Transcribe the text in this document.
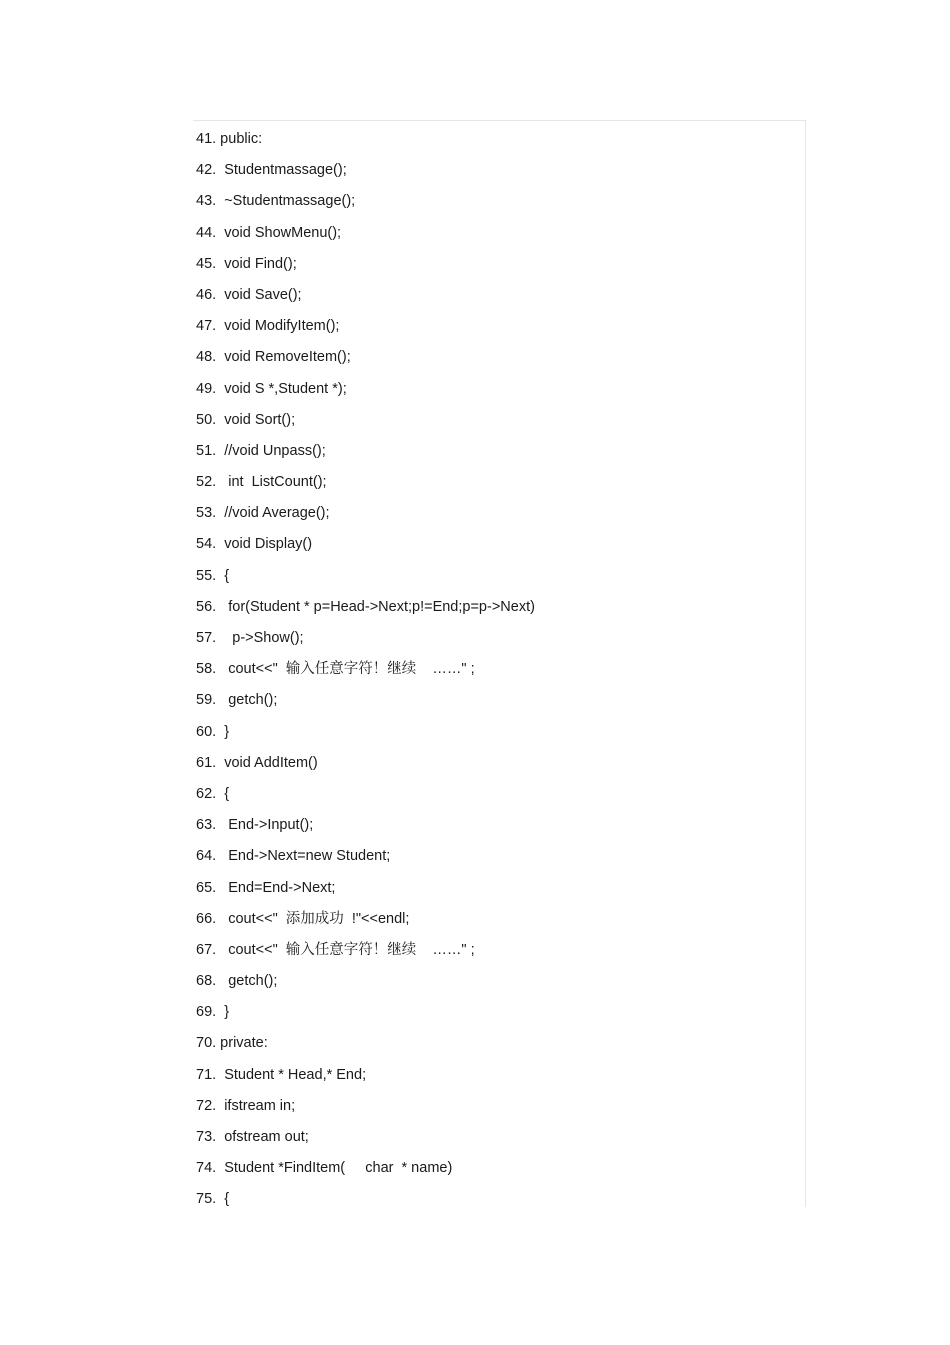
41. public:
42.  Studentmassage();
43.  ~Studentmassage();
44.  void ShowMenu();
45.  void Find();
46.  void Save();
47.  void ModifyItem();
48.  void RemoveItem();
49.  void S *,Student *);
50.  void Sort();
51.  //void Unpass();
52.   int  ListCount();
53.  //void Average();
54.  void Display()
55.  {
56.   for(Student * p=Head->Next;p!=End;p=p->Next)
57.    p->Show();
58.   cout<<"  输入任意字符！继续    ……" ;
59.   getch();
60.  }
61.  void AddItem()
62.  {
63.   End->Input();
64.   End->Next=new Student;
65.   End=End->Next;
66.   cout<<"  添加成功  !"<<endl;
67.   cout<<"  输入任意字符！继续    ……" ;
68.   getch();
69.  }
70. private:
71.  Student * Head,* End;
72.  ifstream in;
73.  ofstream out;
74.  Student *FindItem(     char  * name)
75.  {
